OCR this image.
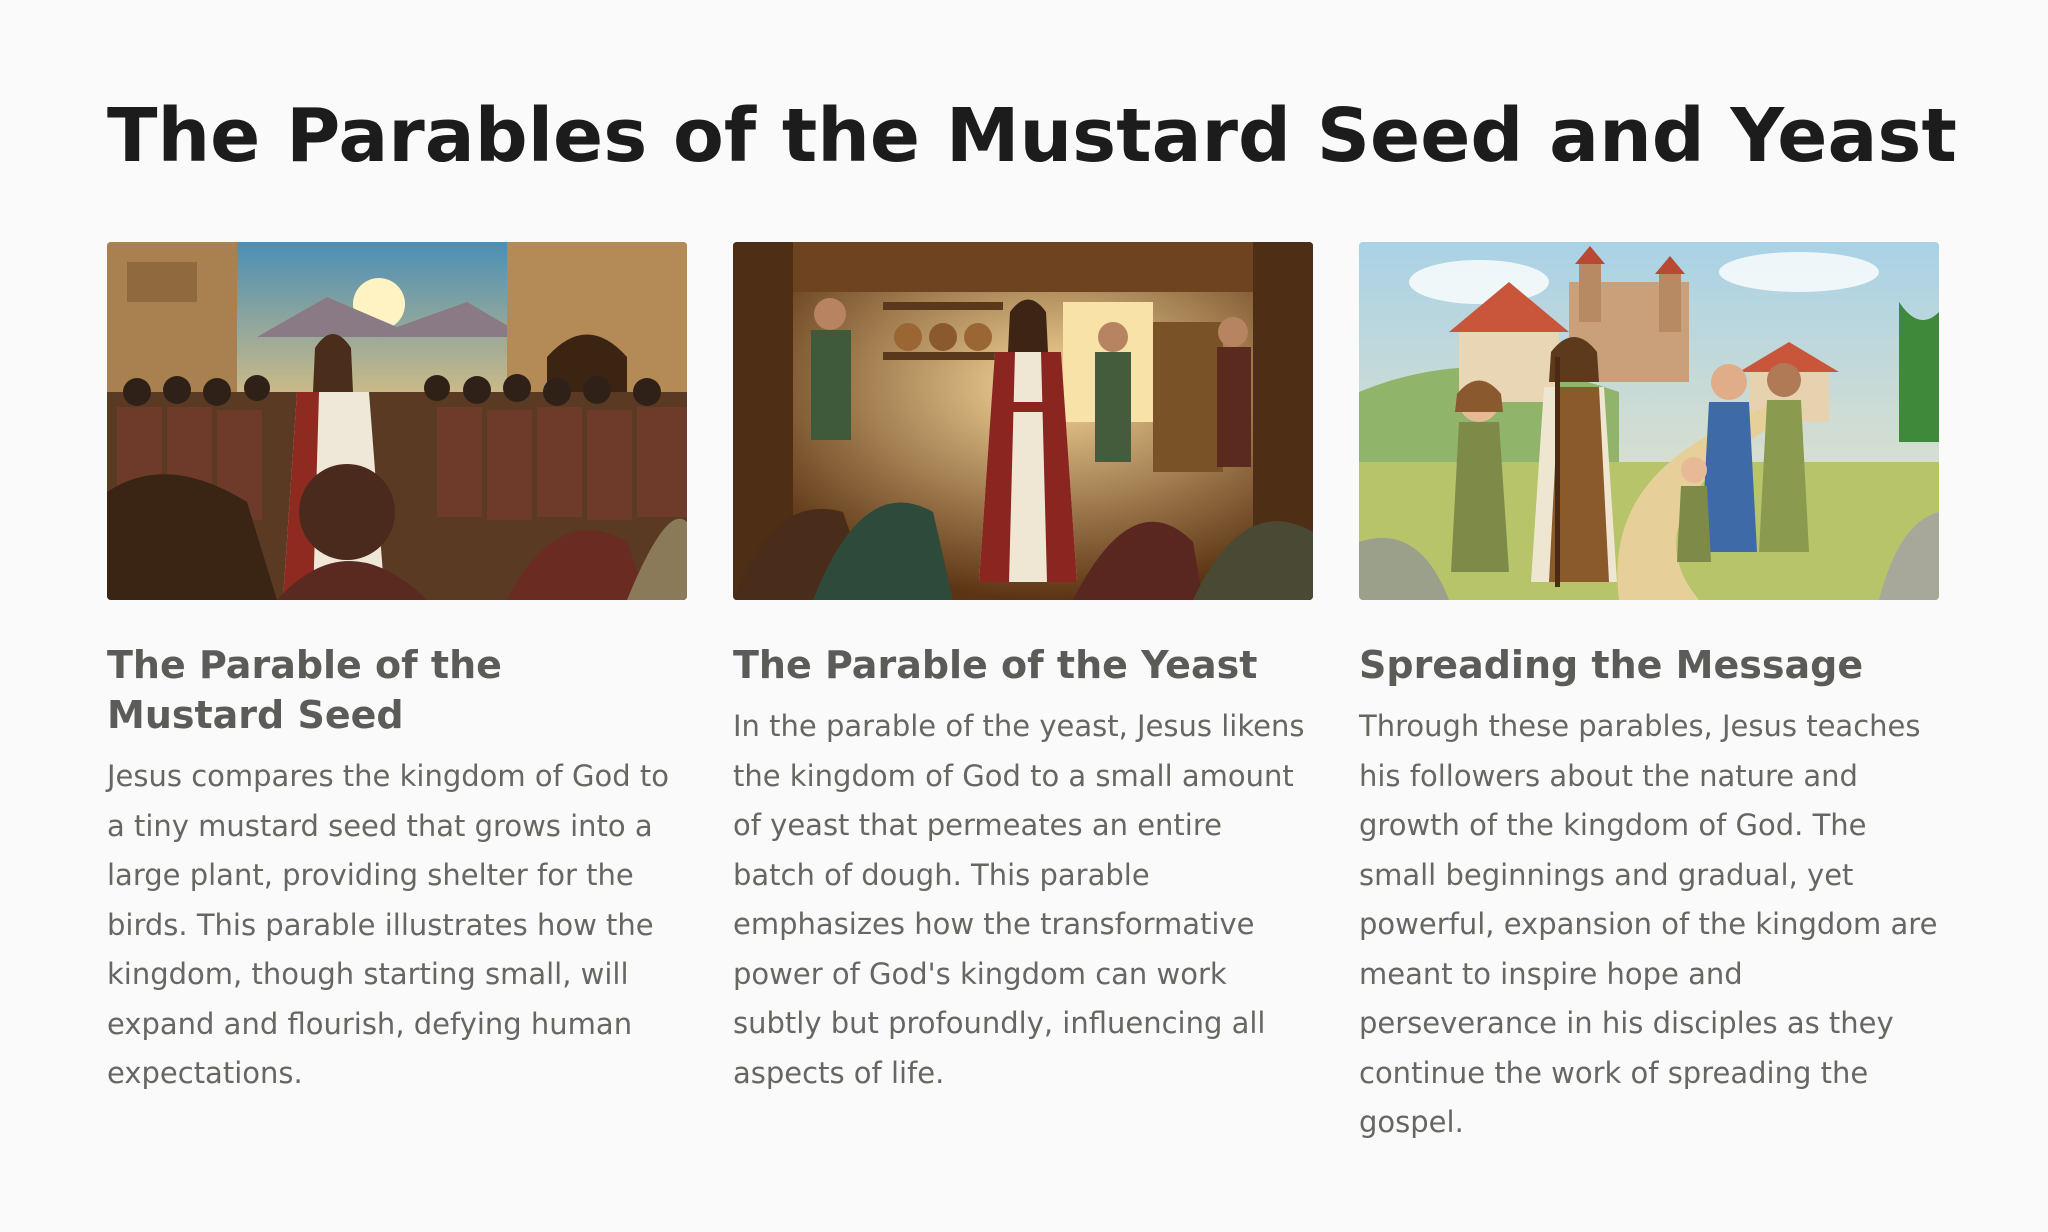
The Parables of the Mustard Seed and Yeast
The Parable of the Mustard Seed

Jesus compares the kingdom of God to a tiny mustard seed that grows into a large plant, providing shelter for the birds. This parable illustrates how the kingdom, though starting small, will expand and flourish, defying human expectations.

The Parable of the Yeast

In the parable of the yeast, Jesus likens the kingdom of God to a small amount of yeast that permeates an entire batch of dough. This parable emphasizes how the transformative power of God's kingdom can work subtly but profoundly, influencing all aspects of life.

Spreading the Message

Through these parables, Jesus teaches his followers about the nature and growth of the kingdom of God. The small beginnings and gradual, yet powerful, expansion of the kingdom are meant to inspire hope and perseverance in his disciples as they continue the work of spreading the gospel.
